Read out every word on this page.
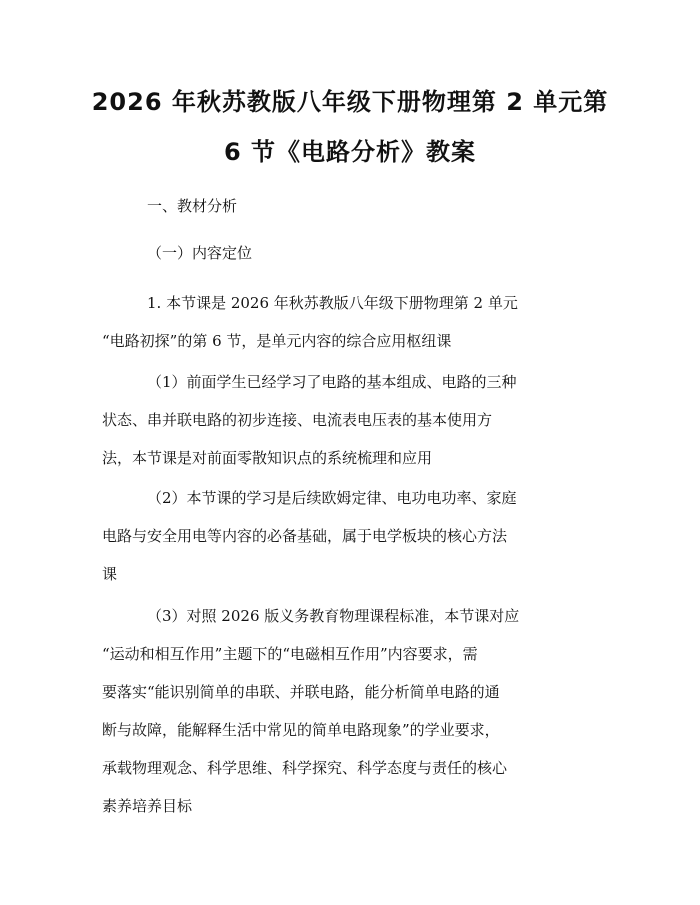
2026 年秋苏教版八年级下册物理第 2 单元第
6 节《电路分析》教案

一、教材分析

（一）内容定位

1. 本节课是 2026 年秋苏教版八年级下册物理第 2 单元
“电路初探”的第 6 节，是单元内容的综合应用枢纽课
（1）前面学生已经学习了电路的基本组成、电路的三种
状态、串并联电路的初步连接、电流表电压表的基本使用方
法，本节课是对前面零散知识点的系统梳理和应用
（2）本节课的学习是后续欧姆定律、电功电功率、家庭
电路与安全用电等内容的必备基础，属于电学板块的核心方法
课
（3）对照 2026 版义务教育物理课程标准，本节课对应
“运动和相互作用”主题下的“电磁相互作用”内容要求，需
要落实“能识别简单的串联、并联电路，能分析简单电路的通
断与故障，能解释生活中常见的简单电路现象”的学业要求，
承载物理观念、科学思维、科学探究、科学态度与责任的核心
素养培养目标
